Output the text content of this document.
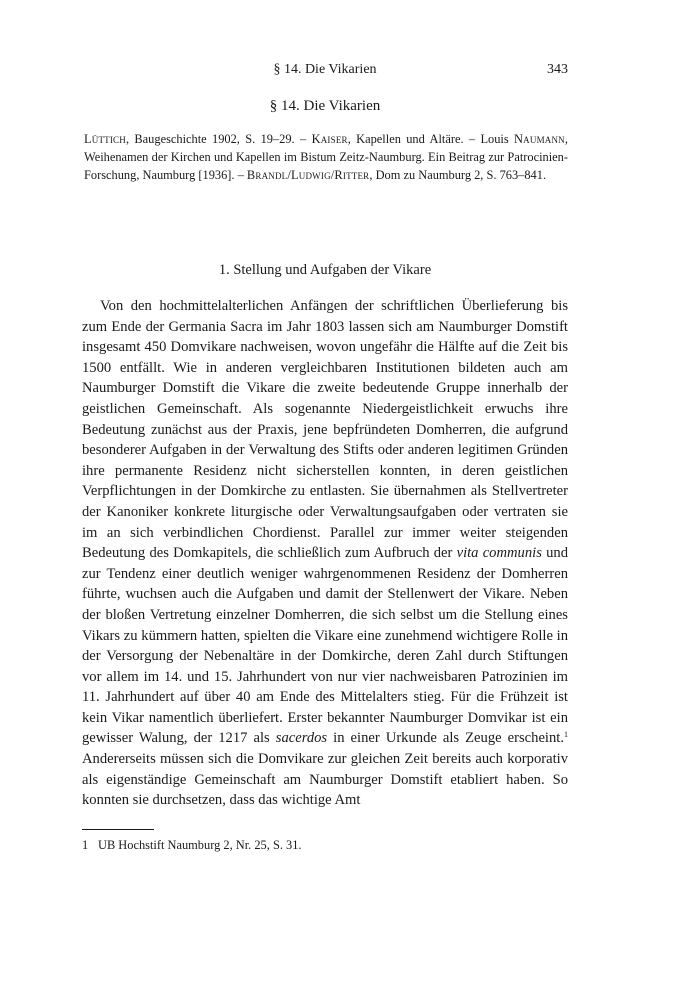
§ 14. Die Vikarien	343
§ 14. Die Vikarien
Lüttich, Baugeschichte 1902, S. 19–29. – Kaiser, Kapellen und Altäre. – Louis Naumann, Weihenamen der Kirchen und Kapellen im Bistum Zeitz-Naumburg. Ein Beitrag zur Patrocinien-Forschung, Naumburg [1936]. – Brandl/Ludwig/Ritter, Dom zu Naumburg 2, S. 763–841.
1. Stellung und Aufgaben der Vikare

Von den hochmittelalterlichen Anfängen der schriftlichen Überlieferung bis zum Ende der Germania Sacra im Jahr 1803 lassen sich am Naumburger Domstift insgesamt 450 Domvikare nachweisen, wovon ungefähr die Hälfte auf die Zeit bis 1500 entfällt. Wie in anderen vergleichbaren Institutionen bildeten auch am Naumburger Domstift die Vikare die zweite bedeutende Gruppe innerhalb der geistlichen Gemeinschaft. Als sogenannte Niedergeistlichkeit erwuchs ihre Bedeutung zunächst aus der Praxis, jene bepfründeten Domherren, die aufgrund besonderer Aufgaben in der Verwaltung des Stifts oder anderen legitimen Gründen ihre permanente Residenz nicht sicherstellen konnten, in deren geistlichen Verpflichtungen in der Domkirche zu entlasten. Sie übernahmen als Stellvertreter der Kanoniker konkrete liturgische oder Verwaltungsaufgaben oder vertraten sie im an sich verbindlichen Chordienst. Parallel zur immer weiter steigenden Bedeutung des Domkapitels, die schließlich zum Aufbruch der vita communis und zur Tendenz einer deutlich weniger wahrgenommenen Residenz der Domherren führte, wuchsen auch die Aufgaben und damit der Stellenwert der Vikare. Neben der bloßen Vertretung einzelner Domherren, die sich selbst um die Stellung eines Vikars zu kümmern hatten, spielten die Vikare eine zunehmend wichtigere Rolle in der Versorgung der Nebenaltäre in der Domkirche, deren Zahl durch Stiftungen vor allem im 14. und 15. Jahrhundert von nur vier nachweisbaren Patrozinien im 11. Jahrhundert auf über 40 am Ende des Mittelalters stieg. Für die Frühzeit ist kein Vikar namentlich überliefert. Erster bekannter Naumburger Domvikar ist ein gewisser Walung, der 1217 als sacerdos in einer Urkunde als Zeuge erscheint.$^1$ Andererseits müssen sich die Domvikare zur gleichen Zeit bereits auch korporativ als eigenständige Gemeinschaft am Naumburger Domstift etabliert haben. So konnten sie durchsetzen, dass das wichtige Amt

1 UB Hochstift Naumburg 2, Nr. 25, S. 31.
